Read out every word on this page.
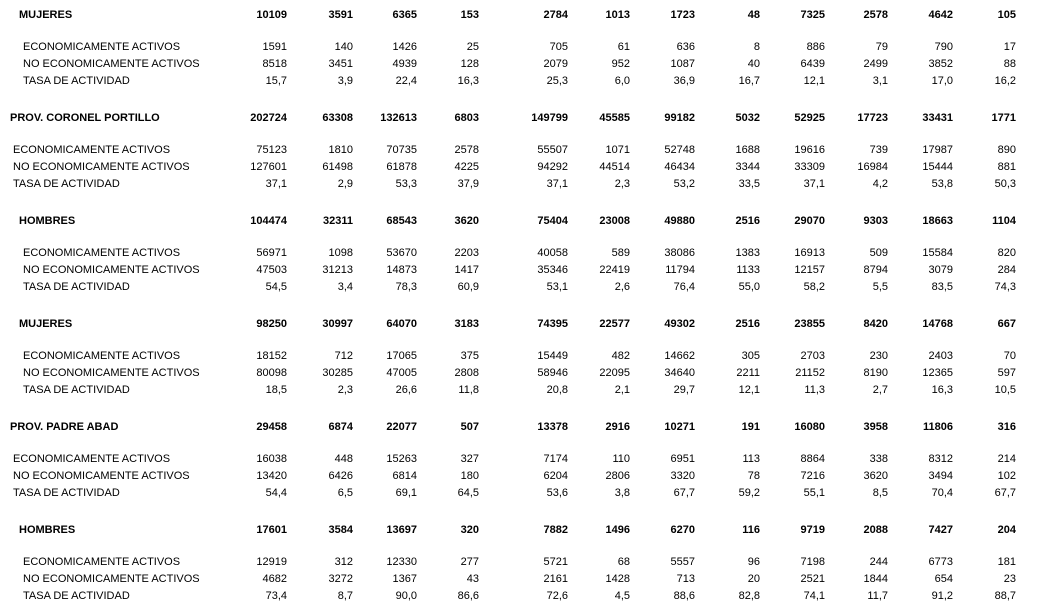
MUJERES	10109	3591	6365	153	2784	1013	1723	48	7325	2578	4642	105
ECONOMICAMENTE ACTIVOS	1591	140	1426	25	705	61	636	8	886	79	790	17
NO ECONOMICAMENTE ACTIVOS	8518	3451	4939	128	2079	952	1087	40	6439	2499	3852	88
TASA DE ACTIVIDAD	15,7	3,9	22,4	16,3	25,3	6,0	36,9	16,7	12,1	3,1	17,0	16,2
PROV. CORONEL PORTILLO	202724	63308	132613	6803	149799	45585	99182	5032	52925	17723	33431	1771
ECONOMICAMENTE ACTIVOS	75123	1810	70735	2578	55507	1071	52748	1688	19616	739	17987	890
NO ECONOMICAMENTE ACTIVOS	127601	61498	61878	4225	94292	44514	46434	3344	33309	16984	15444	881
TASA DE ACTIVIDAD	37,1	2,9	53,3	37,9	37,1	2,3	53,2	33,5	37,1	4,2	53,8	50,3
HOMBRES	104474	32311	68543	3620	75404	23008	49880	2516	29070	9303	18663	1104
ECONOMICAMENTE ACTIVOS	56971	1098	53670	2203	40058	589	38086	1383	16913	509	15584	820
NO ECONOMICAMENTE ACTIVOS	47503	31213	14873	1417	35346	22419	11794	1133	12157	8794	3079	284
TASA DE ACTIVIDAD	54,5	3,4	78,3	60,9	53,1	2,6	76,4	55,0	58,2	5,5	83,5	74,3
MUJERES	98250	30997	64070	3183	74395	22577	49302	2516	23855	8420	14768	667
ECONOMICAMENTE ACTIVOS	18152	712	17065	375	15449	482	14662	305	2703	230	2403	70
NO ECONOMICAMENTE ACTIVOS	80098	30285	47005	2808	58946	22095	34640	2211	21152	8190	12365	597
TASA DE ACTIVIDAD	18,5	2,3	26,6	11,8	20,8	2,1	29,7	12,1	11,3	2,7	16,3	10,5
PROV. PADRE ABAD	29458	6874	22077	507	13378	2916	10271	191	16080	3958	11806	316
ECONOMICAMENTE ACTIVOS	16038	448	15263	327	7174	110	6951	113	8864	338	8312	214
NO ECONOMICAMENTE ACTIVOS	13420	6426	6814	180	6204	2806	3320	78	7216	3620	3494	102
TASA DE ACTIVIDAD	54,4	6,5	69,1	64,5	53,6	3,8	67,7	59,2	55,1	8,5	70,4	67,7
HOMBRES	17601	3584	13697	320	7882	1496	6270	116	9719	2088	7427	204
ECONOMICAMENTE ACTIVOS	12919	312	12330	277	5721	68	5557	96	7198	244	6773	181
NO ECONOMICAMENTE ACTIVOS	4682	3272	1367	43	2161	1428	713	20	2521	1844	654	23
TASA DE ACTIVIDAD	73,4	8,7	90,0	86,6	72,6	4,5	88,6	82,8	74,1	11,7	91,2	88,7
